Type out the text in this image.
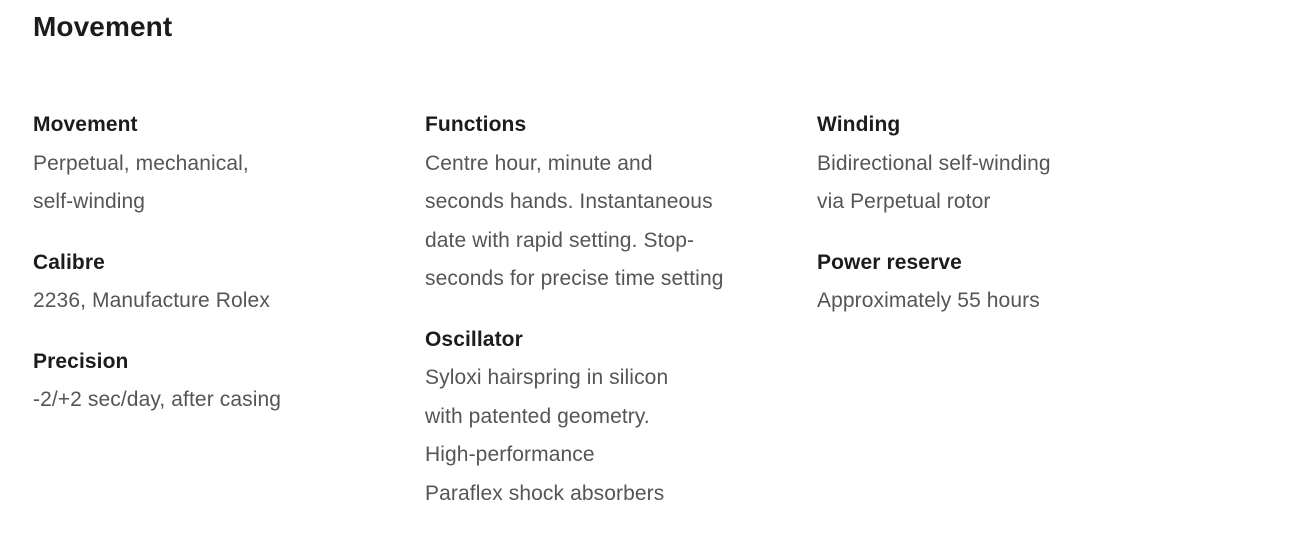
Movement
Movement
Perpetual, mechanical,
self-winding
Calibre
2236, Manufacture Rolex
Precision
-2/+2 sec/day, after casing
Functions
Centre hour, minute and
seconds hands. Instantaneous
date with rapid setting. Stop-
seconds for precise time setting
Oscillator
Syloxi hairspring in silicon
with patented geometry.
High-performance
Paraflex shock absorbers
Winding
Bidirectional self-winding
via Perpetual rotor
Power reserve
Approximately 55 hours
